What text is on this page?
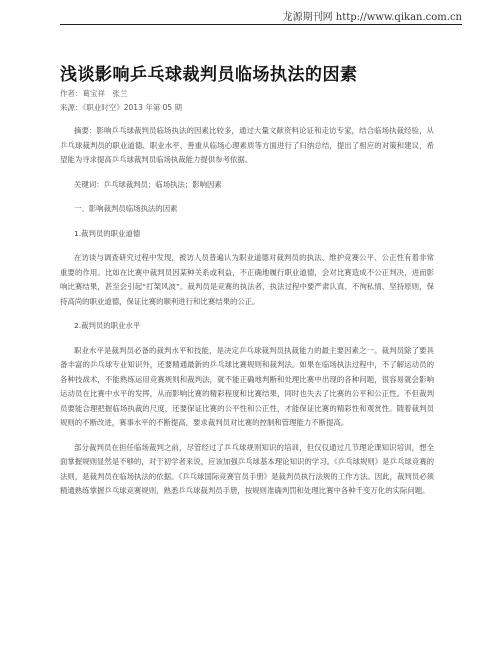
龙源期刊网 http://www.qikan.com.cn
浅谈影响乒乓球裁判员临场执法的因素
作者：葛宝祥　张兰
来源：《职业时空》2013 年第 05 期

摘要：影响乒乓球裁判员临场执法的因素比较多，通过大量文献资料论证和走访专家，结合临场执裁经验，从乒乓球裁判员的职业道德、职业水平、善重从临场心理素质等方面进行了归纳总结，提出了相应的对策和建议，希望能为寻求提高乒乓球裁判员临场执裁能力提供参考依据。

关键词：乒乓球裁判员；临场执法；影响因素

一、影响裁判员临场执法的因素

1.裁判员的职业道德

在访谈与调查研究过程中发现，被访人员普遍认为职业道德对裁判员的执法、维护竞赛公平、公正性有着非常重要的作用。比如在比赛中裁判员因某种关系或利益，不正确地履行职业道德，会对比赛造成不公正判决，进而影响比赛结果，甚至会引起“打架风波”。裁判员是竞赛的执法者，执法过程中要严肃认真、不徇私情、坚持原则，保持高尚的职业道德，保证比赛的顺利进行和比赛结果的公正。

2.裁判员的职业水平

职业水平是裁判员必备的裁判水平和技能，是决定乒乓球裁判员执裁能力的最主要因素之一。裁判员除了要具备丰富的乒乓球专业知识外，还要精通最新的乒乓球比赛规则和裁判法。如果在临场执法过程中，不了解运动员的各种技战术，不能熟练运用竞赛规则和裁判法，就不能正确地判断和处理比赛中出现的各种问题，很容易就会影响运动员在比赛中水平的发挥，从而影响比赛的精彩程度和比赛结果，同时也失去了比赛的公平和公正性。不但裁判员要能合理把握临场执裁的尺度，还要保证比赛的公平性和公正性，才能保证比赛的精彩性和观赏性。随着裁判员规则的不断改进，赛事水平的不断提高，要求裁判员对比赛的控制和管理能力不断提高。

部分裁判员在担任临场裁判之前，尽管经过了乒乓球规则知识的培训，但仅仅通过几节理论课知识培训，想全面掌握规则显然是不够的，对于初学者来说，应该加强乒乓球基本理论知识的学习。《乒乓球规则》是乒乓球竞赛的法则，是裁判员在临场执法的依据。《乒乓球国际竞赛官员手册》是裁判员执行法规的工作方法。因此，裁判员必须精通熟练掌握乒乓球竞赛规则，熟悉乒乓球裁判员手册，按规则准确判罚和处理比赛中各种千变万化的实际问题。
